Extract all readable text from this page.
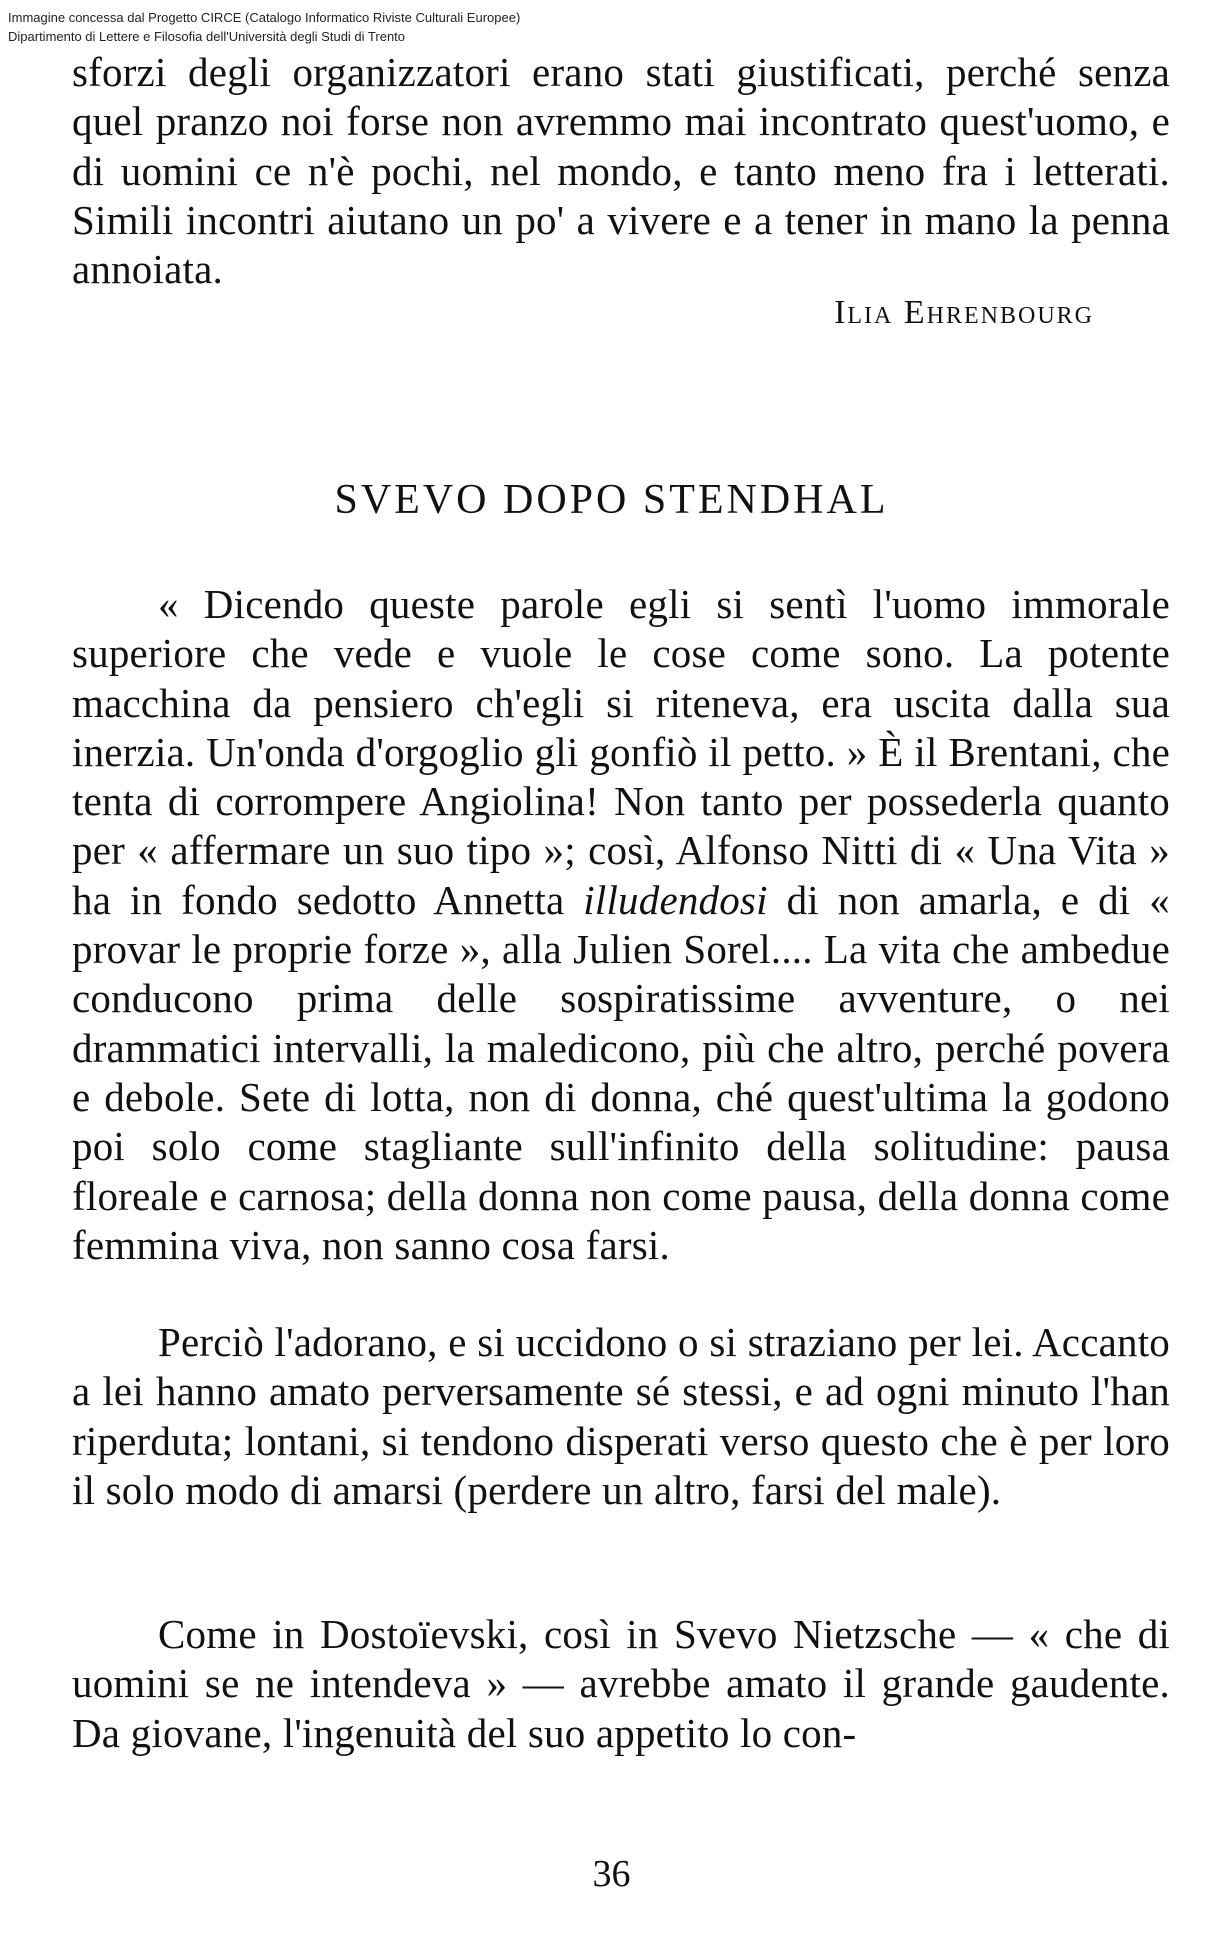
Immagine concessa dal Progetto CIRCE (Catalogo Informatico Riviste Culturali Europee)
Dipartimento di Lettere e Filosofia dell'Università degli Studi di Trento
sforzi degli organizzatori erano stati giustificati, perché senza quel pranzo noi forse non avremmo mai incontrato quest'uomo, e di uomini ce n'è pochi, nel mondo, e tanto meno fra i letterati. Simili incontri aiutano un po' a vivere e a tener in mano la penna annoiata.
Ilia Ehrenbourg
SVEVO DOPO STENDHAL
« Dicendo queste parole egli si sentì l'uomo immorale superiore che vede e vuole le cose come sono. La potente macchina da pensiero ch'egli si riteneva, era uscita dalla sua inerzia. Un'onda d'orgoglio gli gonfiò il petto. » È il Brentani, che tenta di corrompere Angiolina! Non tanto per possederla quanto per « affermare un suo tipo »; così, Alfonso Nitti di « Una Vita » ha in fondo sedotto Annetta illudendosi di non amarla, e di « provar le proprie forze », alla Julien Sorel.... La vita che ambedue conducono prima delle sospiratissime avventure, o nei drammatici intervalli, la maledicono, più che altro, perché povera e debole. Sete di lotta, non di donna, ché quest'ultima la godono poi solo come stagliante sull'infinito della solitudine: pausa floreale e carnosa; della donna non come pausa, della donna come femmina viva, non sanno cosa farsi.
Perciò l'adorano, e si uccidono o si straziano per lei. Accanto a lei hanno amato perversamente sé stessi, e ad ogni minuto l'han riperduta; lontani, si tendono disperati verso questo che è per loro il solo modo di amarsi (perdere un altro, farsi del male).
Come in Dostoïevski, così in Svevo Nietzsche — « che di uomini se ne intendeva » — avrebbe amato il grande gaudente. Da giovane, l'ingenuità del suo appetito lo con-
36
